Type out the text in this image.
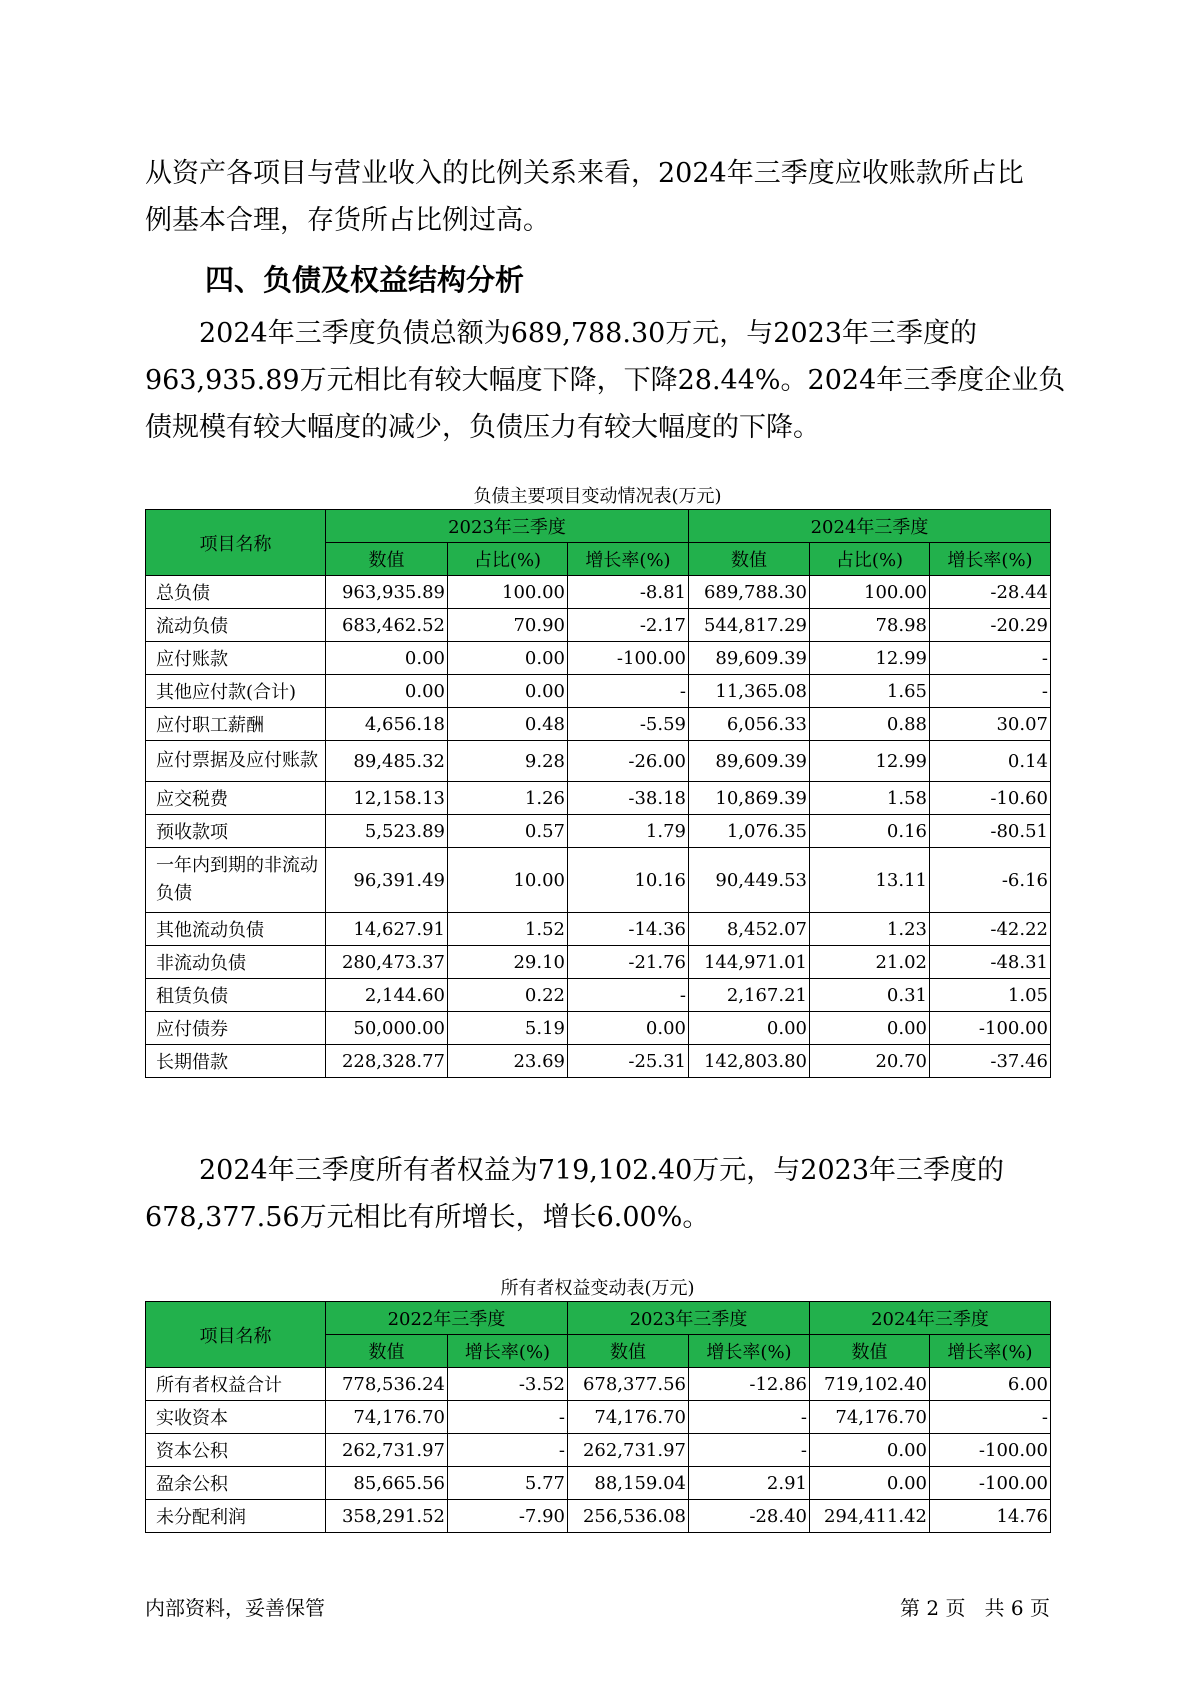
从资产各项目与营业收入的比例关系来看，2024年三季度应收账款所占比
例基本合理，存货所占比例过高。

四、负债及权益结构分析

2024年三季度负债总额为689,788.30万元，与2023年三季度的
963,935.89万元相比有较大幅度下降，下降28.44%。2024年三季度企业负
债规模有较大幅度的减少，负债压力有较大幅度的下降。

负债主要项目变动情况表(万元)

项目名称	2023年三季度			2024年三季度		
	数值	占比(%)	增长率(%)	数值	占比(%)	增长率(%)
总负债	963,935.89	100.00	-8.81	689,788.30	100.00	-28.44
流动负债	683,462.52	70.90	-2.17	544,817.29	78.98	-20.29
应付账款	0.00	0.00	-100.00	89,609.39	12.99	-
其他应付款(合计)	0.00	0.00	-	11,365.08	1.65	-
应付职工薪酬	4,656.18	0.48	-5.59	6,056.33	0.88	30.07
应付票据及应付账款	89,485.32	9.28	-26.00	89,609.39	12.99	0.14
应交税费	12,158.13	1.26	-38.18	10,869.39	1.58	-10.60
预收款项	5,523.89	0.57	1.79	1,076.35	0.16	-80.51
一年内到期的非流动负债	96,391.49	10.00	10.16	90,449.53	13.11	-6.16
其他流动负债	14,627.91	1.52	-14.36	8,452.07	1.23	-42.22
非流动负债	280,473.37	29.10	-21.76	144,971.01	21.02	-48.31
租赁负债	2,144.60	0.22	-	2,167.21	0.31	1.05
应付债券	50,000.00	5.19	0.00	0.00	0.00	-100.00
长期借款	228,328.77	23.69	-25.31	142,803.80	20.70	-37.46

2024年三季度所有者权益为719,102.40万元，与2023年三季度的
678,377.56万元相比有所增长，增长6.00%。

所有者权益变动表(万元)

项目名称	2022年三季度		2023年三季度		2024年三季度	
	数值	增长率(%)	数值	增长率(%)	数值	增长率(%)
所有者权益合计	778,536.24	-3.52	678,377.56	-12.86	719,102.40	6.00
实收资本	74,176.70	-	74,176.70	-	74,176.70	-
资本公积	262,731.97	-	262,731.97	-	0.00	-100.00
盈余公积	85,665.56	5.77	88,159.04	2.91	0.00	-100.00
未分配利润	358,291.52	-7.90	256,536.08	-28.40	294,411.42	14.76

内部资料，妥善保管	第 2 页   共 6 页
